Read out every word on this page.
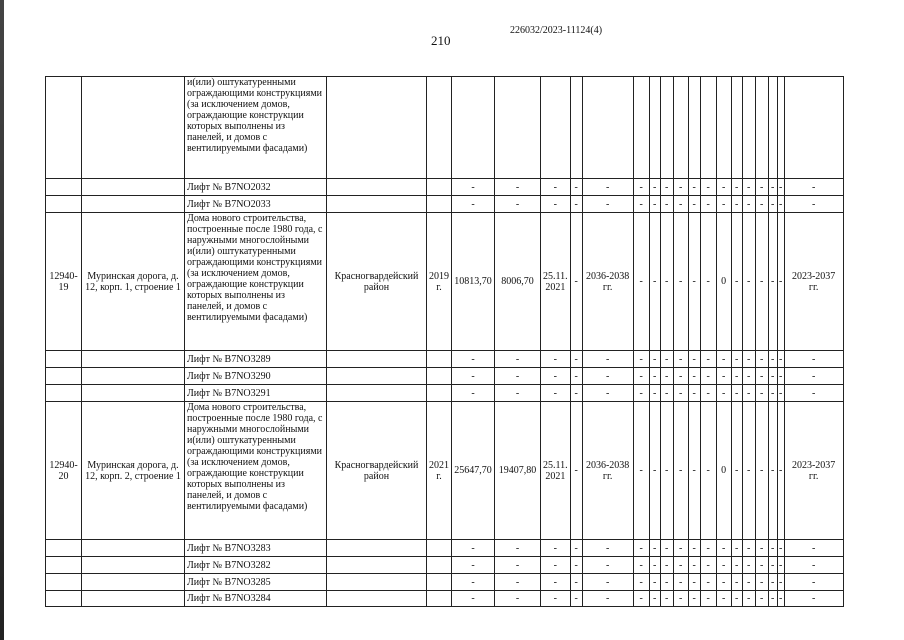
226032/2023-11124(4)
210
		и(или) оштукатуренными ограждающими конструкциями (за исключением домов, ограждающие конструкции которых выполнены из панелей, и домов с вентилируемыми фасадами)																				
		Лифт № В7NO2032			-	-	-	-	-	-	-	-	-	-	-	-	-	-	-	-	-	-
		Лифт № В7NO2033			-	-	-	-	-	-	-	-	-	-	-	-	-	-	-	-	-	-
12940-19	Муринская дорога, д. 12, корп. 1, строение 1	Дома нового строительства, построенные после 1980 года, с наружными многослойными и(или) оштукатуренными ограждающими конструкциями (за исключением домов, ограждающие конструкции которых выполнены из панелей, и домов с вентилируемыми фасадами)	Красногвардейский район	2019 г.	10813,70	8006,70	25.11. 2021	-	2036-2038 гг.	-	-	-	-	-	-	0	-	-	-	-	-	2023-2037 гг.
		Лифт № В7NO3289			-	-	-	-	-	-	-	-	-	-	-	-	-	-	-	-	-	-
		Лифт № В7NO3290			-	-	-	-	-	-	-	-	-	-	-	-	-	-	-	-	-	-
		Лифт № В7NO3291			-	-	-	-	-	-	-	-	-	-	-	-	-	-	-	-	-	-
12940-20	Муринская дорога, д. 12, корп. 2, строение 1	Дома нового строительства, построенные после 1980 года, с наружными многослойными и(или) оштукатуренными ограждающими конструкциями (за исключением домов, ограждающие конструкции которых выполнены из панелей, и домов с вентилируемыми фасадами)	Красногвардейский район	2021 г.	25647,70	19407,80	25.11. 2021	-	2036-2038 гг.	-	-	-	-	-	-	0	-	-	-	-	-	2023-2037 гг.
		Лифт № В7NO3283			-	-	-	-	-	-	-	-	-	-	-	-	-	-	-	-	-	-
		Лифт № В7NO3282			-	-	-	-	-	-	-	-	-	-	-	-	-	-	-	-	-	-
		Лифт № В7NO3285			-	-	-	-	-	-	-	-	-	-	-	-	-	-	-	-	-	-
		Лифт № В7NO3284			-	-	-	-	-	-	-	-	-	-	-	-	-	-	-	-	-	-
